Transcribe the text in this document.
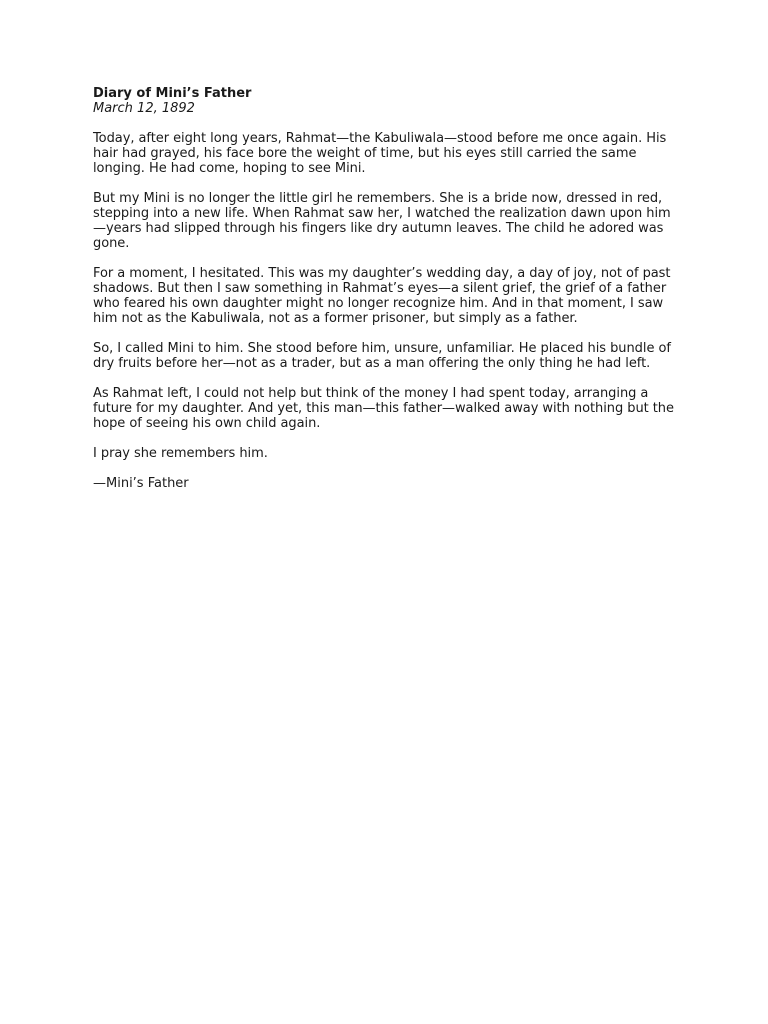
Diary of Mini’s Father

March 12, 1892

Today, after eight long years, Rahmat—the Kabuliwala—stood before me once again. His hair had grayed, his face bore the weight of time, but his eyes still carried the same longing. He had come, hoping to see Mini.

But my Mini is no longer the little girl he remembers. She is a bride now, dressed in red, stepping into a new life. When Rahmat saw her, I watched the realization dawn upon him—years had slipped through his fingers like dry autumn leaves. The child he adored was gone.

For a moment, I hesitated. This was my daughter’s wedding day, a day of joy, not of past shadows. But then I saw something in Rahmat’s eyes—a silent grief, the grief of a father who feared his own daughter might no longer recognize him. And in that moment, I saw him not as the Kabuliwala, not as a former prisoner, but simply as a father.

So, I called Mini to him. She stood before him, unsure, unfamiliar. He placed his bundle of dry fruits before her—not as a trader, but as a man offering the only thing he had left.

As Rahmat left, I could not help but think of the money I had spent today, arranging a future for my daughter. And yet, this man—this father—walked away with nothing but the hope of seeing his own child again.

I pray she remembers him.

—Mini’s Father
